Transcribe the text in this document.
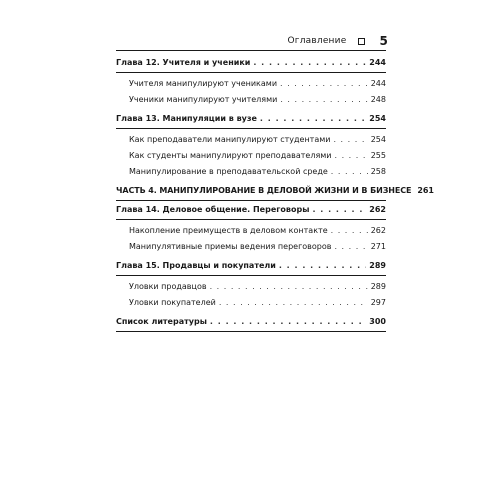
Оглавление	5
Глава 12. Учителя и ученики . . .	244
Учителя манипулируют учениками . . .	244
Ученики манипулируют учителями . . .	248
Глава 13. Манипуляции в вузе . . .	254
Как преподаватели манипулируют студентами . . .	254
Как студенты манипулируют преподавателями . . .	255
Манипулирование в преподавательской среде . . .	258
ЧАСТЬ 4. МАНИПУЛИРОВАНИЕ В ДЕЛОВОЙ ЖИЗНИ И В БИЗНЕСЕ 261
Глава 14. Деловое общение. Переговоры . . .	262
Накопление преимуществ в деловом контакте . . .	262
Манипулятивные приемы ведения переговоров . . .	271
Глава 15. Продавцы и покупатели . . .	289
Уловки продавцов . . .	289
Уловки покупателей . . .	297
Список литературы . . .	300
